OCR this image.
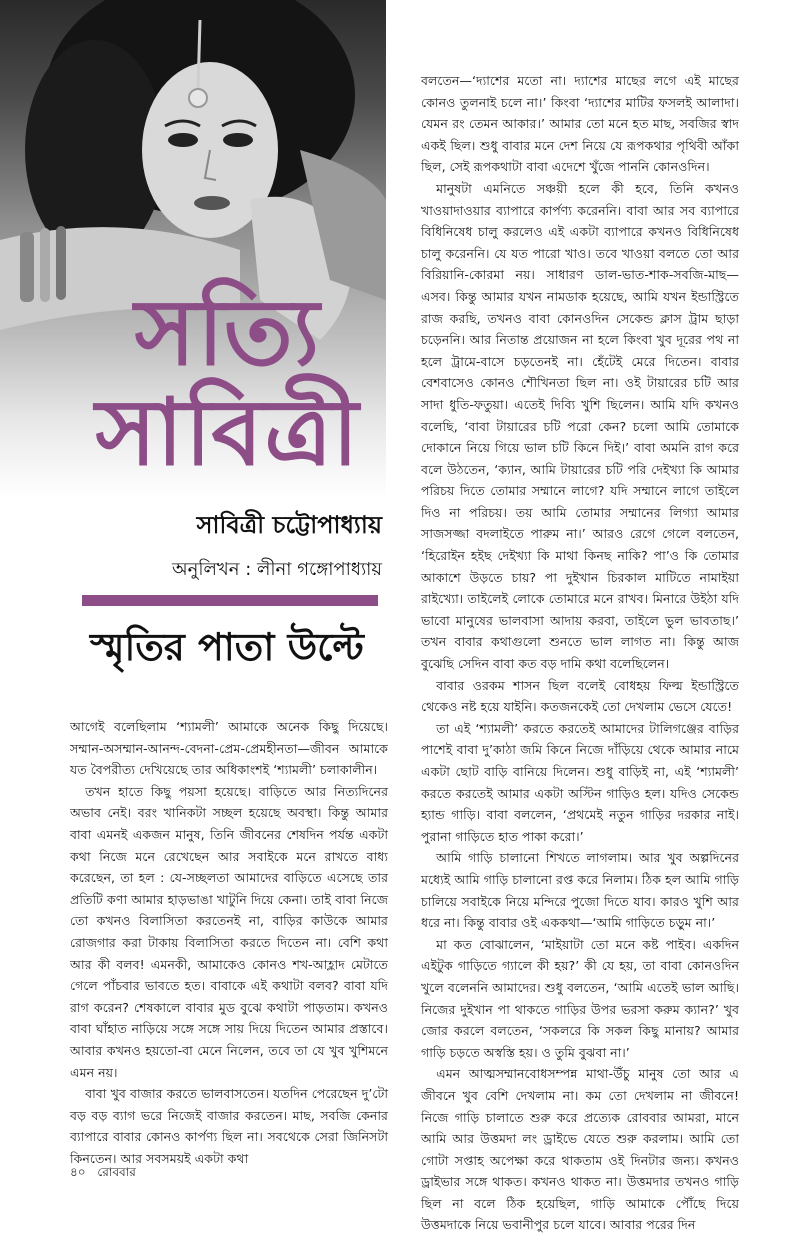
সত্যি
সাবিত্রী
সাবিত্রী চট্টোপাধ্যায়
অনুলিখন : লীনা গঙ্গোপাধ্যায়
স্মৃতির পাতা উল্টে

আগেই বলেছিলাম ‘শ্যামলী’ আমাকে অনেক কিছু দিয়েছে। সম্মান-অসম্মান-আনন্দ-বেদনা-প্রেম-প্রেমহীনতা—জীবন আমাকে যত বৈপরীত্য দেখিয়েছে তার অধিকাংশই ‘শ্যামলী’ চলাকালীন।

তখন হাতে কিছু পয়সা হয়েছে। বাড়িতে আর নিত্যদিনের অভাব নেই। বরং খানিকটা সচ্ছল হয়েছে অবস্থা। কিন্তু আমার বাবা এমনই একজন মানুষ, তিনি জীবনের শেষদিন পর্যন্ত একটা কথা নিজে মনে রেখেছেন আর সবাইকে মনে রাখতে বাধ্য করেছেন, তা হল : যে-সচ্ছলতা আমাদের বাড়িতে এসেছে তার প্রতিটি কণা আমার হাড়ভাঙা খাটুনি দিয়ে কেনা। তাই বাবা নিজে তো কখনও বিলাসিতা করতেনই না, বাড়ির কাউকে আমার রোজগার করা টাকায় বিলাসিতা করতে দিতেন না। বেশি কথা আর কী বলব! এমনকী, আমাকেও কোনও শখ-আহ্লাদ মেটাতে গেলে পাঁচবার ভাবতে হত। বাবাকে এই কথাটা বলব? বাবা যদি রাগ করেন? শেষকালে বাবার মুড বুঝে কথাটা পাড়তাম। কখনও বাবা ঘাঁহাত নাড়িয়ে সঙ্গে সঙ্গে সায় দিয়ে দিতেন আমার প্রস্তাবে। আবার কখনও হয়তো-বা মেনে নিলেন, তবে তা যে খুব খুশিমনে এমন নয়।

বাবা খুব বাজার করতে ভালবাসতেন। যতদিন পেরেছেন দু’টো বড় বড় ব্যাগ ভরে নিজেই বাজার করতেন। মাছ, সবজি কেনার ব্যাপারে বাবার কোনও কার্পণ্য ছিল না। সবথেকে সেরা জিনিসটা কিনতেন। আর সবসময়ই একটা কথা

বলতেন—‘দ্যাশের মতো না। দ্যাশের মাছের লগে এই মাছের কোনও তুলনাই চলে না।’ কিংবা ‘দ্যাশের মাটির ফসলই আলাদা। যেমন রং তেমন আকার।’ আমার তো মনে হত মাছ, সবজির স্বাদ একই ছিল। শুধু বাবার মনে দেশ নিয়ে যে রূপকথার পৃথিবী আঁকা ছিল, সেই রূপকথাটা বাবা এদেশে খুঁজে পাননি কোনওদিন।

মানুষটা এমনিতে সঞ্চয়ী হলে কী হবে, তিনি কখনও খাওয়াদাওয়ার ব্যাপারে কার্পণ্য করেননি। বাবা আর সব ব্যাপারে বিধিনিষেধ চালু করলেও এই একটা ব্যাপারে কখনও বিধিনিষেধ চালু করেননি। যে যত পারো খাও। তবে খাওয়া বলতে তো আর বিরিয়ানি-কোরমা নয়। সাধারণ ডাল-ভাত-শাক-সবজি-মাছ—এসব। কিন্তু আমার যখন নামডাক হয়েছে, আমি যখন ইন্ডাস্ট্রিতে রাজ করছি, তখনও বাবা কোনওদিন সেকেন্ড ক্লাস ট্রাম ছাড়া চড়েননি। আর নিতান্ত প্রয়োজন না হলে কিংবা খুব দূরের পথ না হলে ট্রামে-বাসে চড়তেনই না। হেঁটেই মেরে দিতেন। বাবার বেশবাসেও কোনও শৌখিনতা ছিল না। ওই টায়ারের চটি আর সাদা ধুতি-ফতুয়া। এতেই দিব্যি খুশি ছিলেন। আমি যদি কখনও বলেছি, ‘বাবা টায়ারের চটি পরো কেন? চলো আমি তোমাকে দোকানে নিয়ে গিয়ে ভাল চটি কিনে দিই।’ বাবা অমনি রাগ করে বলে উঠতেন, ‘ক্যান, আমি টায়ারের চটি পরি দেইখ্যা কি আমার পরিচয় দিতে তোমার সম্মানে লাগে? যদি সম্মানে লাগে তাইলে দিও না পরিচয়। তয় আমি তোমার সম্মানের লিগ্যা আমার সাজসজ্জা বদলাইতে পারুম না।’ আরও রেগে গেলে বলতেন, ‘হিরোইন হইছ দেইখ্যা কি মাথা কিনছ নাকি? পা’ও কি তোমার আকাশে উড়তে চায়? পা দুইখান চিরকাল মাটিতে নামাইয়া রাইখ্যো। তাইলেই লোকে তোমারে মনে রাখব। মিনারে উইঠা যদি ভাবো মানুষের ভালবাসা আদায় করবা, তাইলে ভুল ভাবতাছ।’ তখন বাবার কথাগুলো শুনতে ভাল লাগত না। কিন্তু আজ বুঝেছি সেদিন বাবা কত বড় দামি কথা বলেছিলেন।

বাবার ওরকম শাসন ছিল বলেই বোধহয় ফিল্ম ইন্ডাস্ট্রিতে থেকেও নষ্ট হয়ে যাইনি। কতজনকেই তো দেখলাম ভেসে যেতে!

তা এই ‘শ্যামলী’ করতে করতেই আমাদের টালিগঞ্জের বাড়ির পাশেই বাবা দু’কাঠা জমি কিনে নিজে দাঁড়িয়ে থেকে আমার নামে একটা ছোট বাড়ি বানিয়ে দিলেন। শুধু বাড়িই না, এই ‘শ্যামলী’ করতে করতেই আমার একটা অস্টিন গাড়িও হল। যদিও সেকেন্ড হ্যান্ড গাড়ি। বাবা বললেন, ‘প্রথমেই নতুন গাড়ির দরকার নাই। পুরানা গাড়িতে হাত পাকা করো।’

আমি গাড়ি চালানো শিখতে লাগলাম। আর খুব অল্পদিনের মধ্যেই আমি গাড়ি চালানো রপ্ত করে নিলাম। ঠিক হল আমি গাড়ি চালিয়ে সবাইকে নিয়ে মন্দিরে পুজো দিতে যাব। কারও খুশি আর ধরে না। কিন্তু বাবার ওই এককথা—‘আমি গাড়িতে চড়ুম না।’

মা কত বোঝালেন, ‘মাইয়াটা তো মনে কষ্ট পাইব। একদিন এইটুক গাড়িতে গ্যালে কী হয়?’ কী যে হয়, তা বাবা কোনওদিন খুলে বলেননি আমাদের। শুধু বলতেন, ‘আমি এতেই ভাল আছি। নিজের দুইখান পা থাকতে গাড়ির উপর ভরসা করুম ক্যান?’ খুব জোর করলে বলতেন, ‘সকলরে কি সকল কিছু মানায়? আমার গাড়ি চড়তে অস্বস্তি হয়। ও তুমি বুঝবা না।’

এমন আত্মসম্মানবোধসম্পন্ন মাথা-উঁচু মানুষ তো আর এ জীবনে খুব বেশি দেখলাম না। কম তো দেখলাম না জীবনে! নিজে গাড়ি চালাতে শুরু করে প্রত্যেক রোববার আমরা, মানে আমি আর উত্তমদা লং ড্রাইভে যেতে শুরু করলাম। আমি তো গোটা সপ্তাহ অপেক্ষা করে থাকতাম ওই দিনটার জন্য। কখনও ড্রাইভার সঙ্গে থাকত। কখনও থাকত না। উত্তমদার তখনও গাড়ি ছিল না বলে ঠিক হয়েছিল, গাড়ি আমাকে পৌঁছে দিয়ে উত্তমদাকে নিয়ে ভবানীপুর চলে যাবে। আবার পরের দিন

৪০ রোববার
